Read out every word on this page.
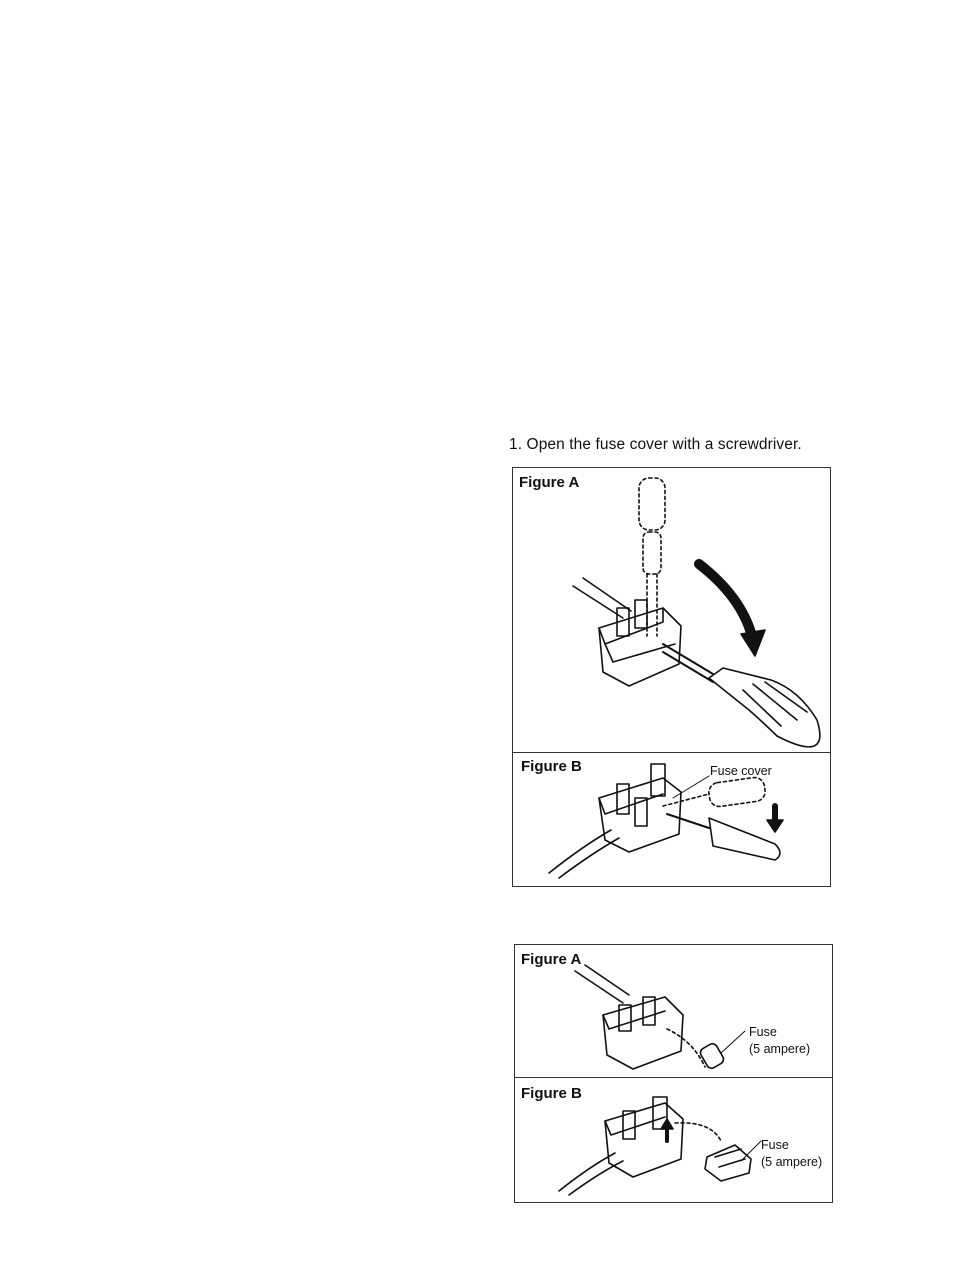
1. Open the fuse cover with a screwdriver.
Figure A
Figure B	Fuse cover
Figure A
Figure B
Fuse
(5 ampere)
Fuse
(5 ampere)
